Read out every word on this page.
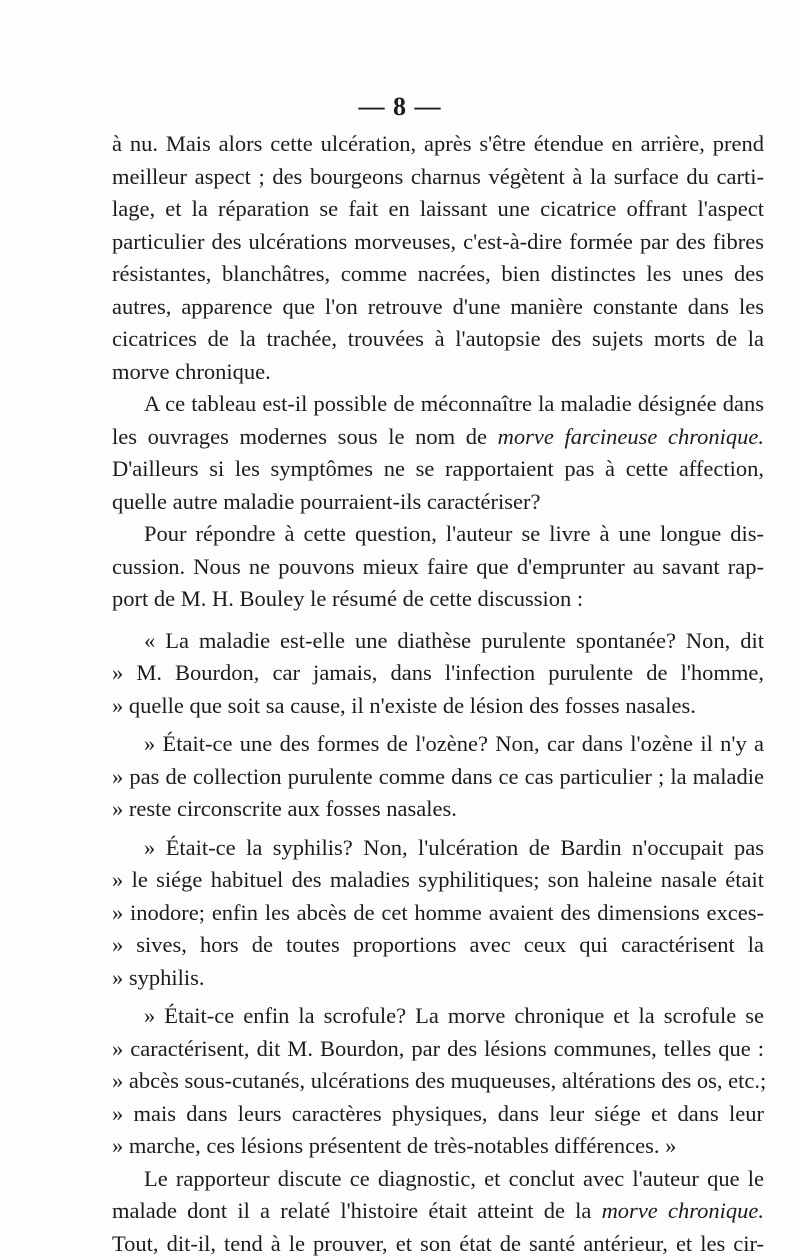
— 8 —
à nu. Mais alors cette ulcération, après s'être étendue en arrière, prend
meilleur aspect ; des bourgeons charnus végètent à la surface du carti-
lage, et la réparation se fait en laissant une cicatrice offrant l'aspect
particulier des ulcérations morveuses, c'est-à-dire formée par des fibres
résistantes, blanchâtres, comme nacrées, bien distinctes les unes des
autres, apparence que l'on retrouve d'une manière constante dans les
cicatrices de la trachée, trouvées à l'autopsie des sujets morts de la
morve chronique.
A ce tableau est-il possible de méconnaître la maladie désignée dans
les ouvrages modernes sous le nom de morve farcineuse chronique.
D'ailleurs si les symptômes ne se rapportaient pas à cette affection,
quelle autre maladie pourraient-ils caractériser?
Pour répondre à cette question, l'auteur se livre à une longue dis-
cussion. Nous ne pouvons mieux faire que d'emprunter au savant rap-
port de M. H. Bouley le résumé de cette discussion :
« La maladie est-elle une diathèse purulente spontanée? Non, dit
» M. Bourdon, car jamais, dans l'infection purulente de l'homme,
» quelle que soit sa cause, il n'existe de lésion des fosses nasales.
» Était-ce une des formes de l'ozène? Non, car dans l'ozène il n'y a
» pas de collection purulente comme dans ce cas particulier ; la maladie
» reste circonscrite aux fosses nasales.
» Était-ce la syphilis? Non, l'ulcération de Bardin n'occupait pas
» le siége habituel des maladies syphilitiques; son haleine nasale était
» inodore; enfin les abcès de cet homme avaient des dimensions exces-
» sives, hors de toutes proportions avec ceux qui caractérisent la
» syphilis.
» Était-ce enfin la scrofule? La morve chronique et la scrofule se
» caractérisent, dit M. Bourdon, par des lésions communes, telles que :
» abcès sous-cutanés, ulcérations des muqueuses, altérations des os, etc.;
» mais dans leurs caractères physiques, dans leur siége et dans leur
» marche, ces lésions présentent de très-notables différences. »
Le rapporteur discute ce diagnostic, et conclut avec l'auteur que le
malade dont il a relaté l'histoire était atteint de la morve chronique.
Tout, dit-il, tend à le prouver, et son état de santé antérieur, et les cir-
